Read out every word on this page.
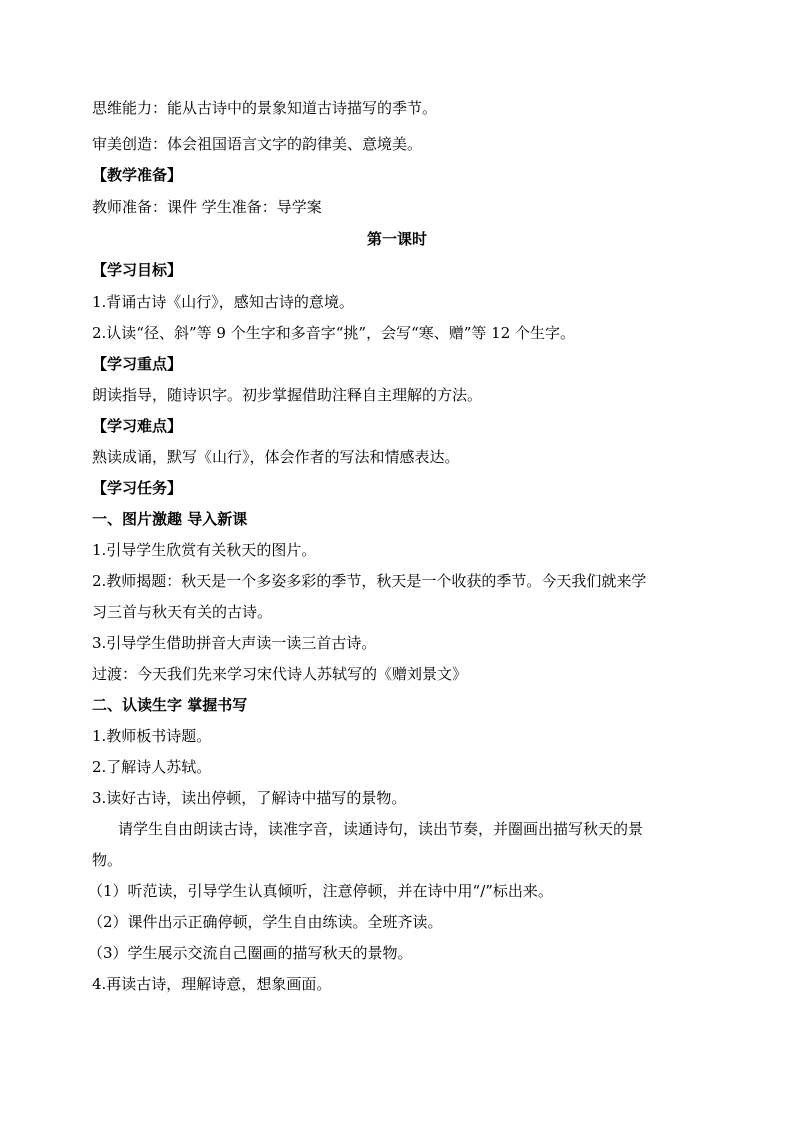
思维能力：能从古诗中的景象知道古诗描写的季节。
审美创造：体会祖国语言文字的韵律美、意境美。
【教学准备】
教师准备：课件 学生准备：导学案
第一课时
【学习目标】
1.背诵古诗《山行》，感知古诗的意境。
2.认读“径、斜”等 9 个生字和多音字“挑”，会写“寒、赠”等 12 个生字。
【学习重点】
朗读指导，随诗识字。初步掌握借助注释自主理解的方法。
【学习难点】
熟读成诵，默写《山行》，体会作者的写法和情感表达。
【学习任务】
一、图片激趣 导入新课
1.引导学生欣赏有关秋天的图片。
2.教师揭题：秋天是一个多姿多彩的季节，秋天是一个收获的季节。今天我们就来学
习三首与秋天有关的古诗。
3.引导学生借助拼音大声读一读三首古诗。
过渡：今天我们先来学习宋代诗人苏轼写的《赠刘景文》
二、认读生字 掌握书写
1.教师板书诗题。
2.了解诗人苏轼。
3.读好古诗，读出停顿，了解诗中描写的景物。
请学生自由朗读古诗，读准字音，读通诗句，读出节奏，并圈画出描写秋天的景
物。
（1）听范读，引导学生认真倾听，注意停顿，并在诗中用“/”标出来。
（2）课件出示正确停顿，学生自由练读。全班齐读。
（3）学生展示交流自己圈画的描写秋天的景物。
4.再读古诗，理解诗意，想象画面。
